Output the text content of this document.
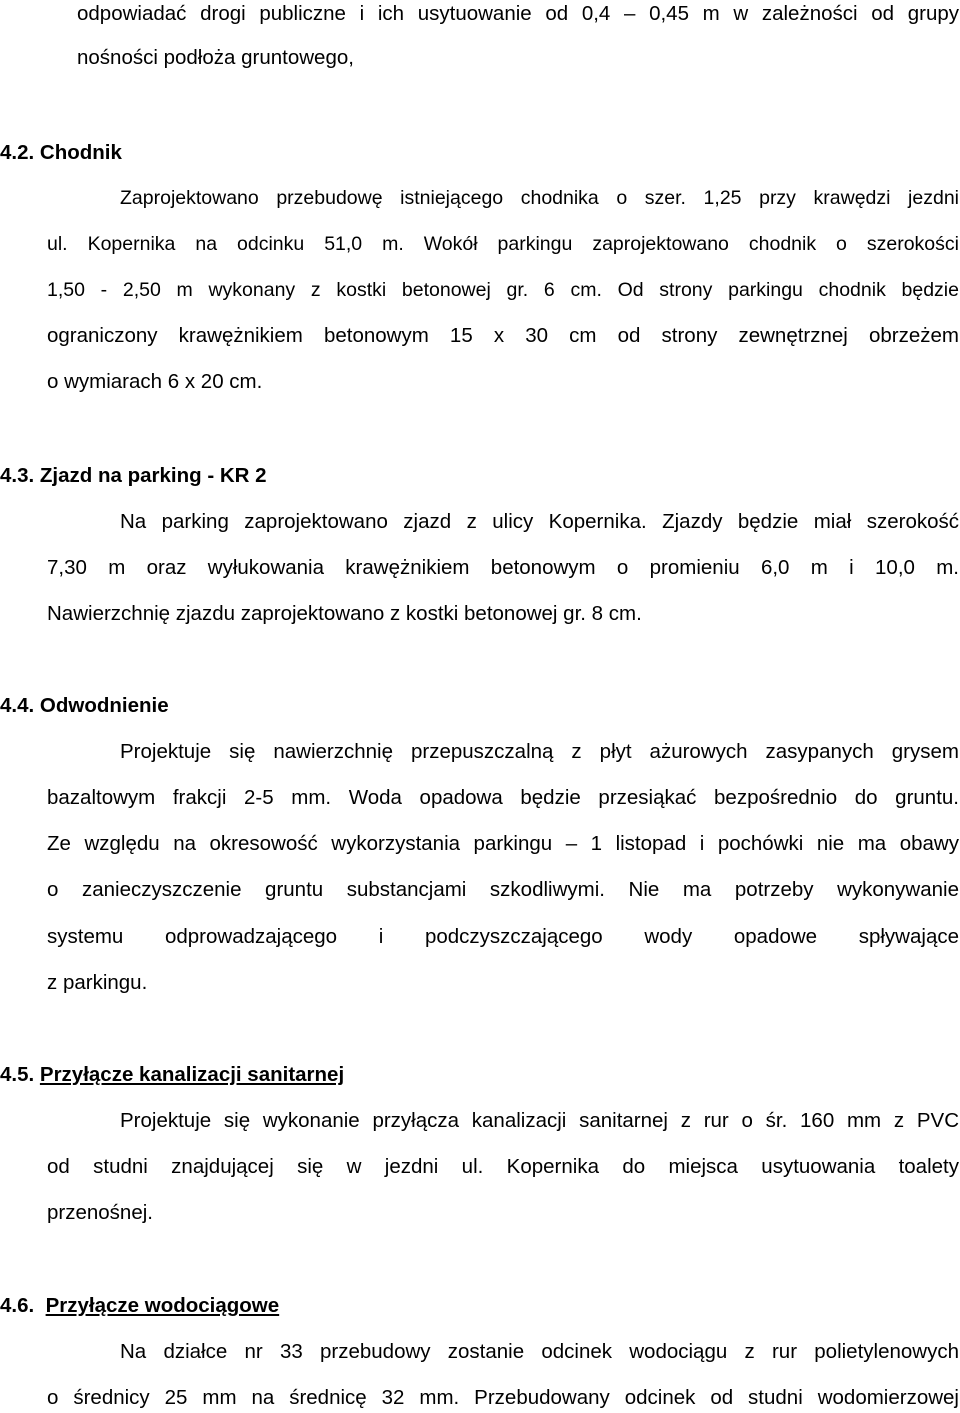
odpowiadać drogi publiczne i ich usytuowanie od 0,4 – 0,45 m w zależności od grupy

nośności podłoża gruntowego,

4.2. Chodnik

Zaprojektowano przebudowę istniejącego chodnika o szer. 1,25 przy krawędzi jezdni

ul. Kopernika na odcinku 51,0 m. Wokół parkingu zaprojektowano chodnik o szerokości

1,50 - 2,50 m wykonany z kostki betonowej gr. 6 cm. Od strony parkingu chodnik będzie

ograniczony krawężnikiem betonowym 15 x 30 cm od strony zewnętrznej obrzeżem

o wymiarach 6 x 20 cm.

4.3. Zjazd na parking - KR 2

Na parking zaprojektowano zjazd z ulicy Kopernika. Zjazdy będzie miał szerokość

7,30 m oraz wyłukowania krawężnikiem betonowym o promieniu 6,0 m i 10,0 m.

Nawierzchnię zjazdu zaprojektowano z kostki betonowej gr. 8 cm.

4.4. Odwodnienie

Projektuje się nawierzchnię przepuszczalną z płyt ażurowych zasypanych grysem

bazaltowym frakcji 2-5 mm. Woda opadowa będzie przesiąkać bezpośrednio do gruntu.

Ze względu na okresowość wykorzystania parkingu – 1 listopad i pochówki nie ma obawy

o zanieczyszczenie gruntu substancjami szkodliwymi. Nie ma potrzeby wykonywanie

systemu odprowadzającego i podczyszczającego wody opadowe spływające

z parkingu.

4.5. Przyłącze kanalizacji sanitarnej

Projektuje się wykonanie przyłącza kanalizacji sanitarnej z rur o śr. 160 mm z PVC

od studni znajdującej się w jezdni ul. Kopernika do miejsca usytuowania toalety

przenośnej.

4.6. Przyłącze wodociągowe

Na działce nr 33 przebudowy zostanie odcinek wodociągu z rur polietylenowych

o średnicy 25 mm na średnicę 32 mm. Przebudowany odcinek od studni wodomierzowej
